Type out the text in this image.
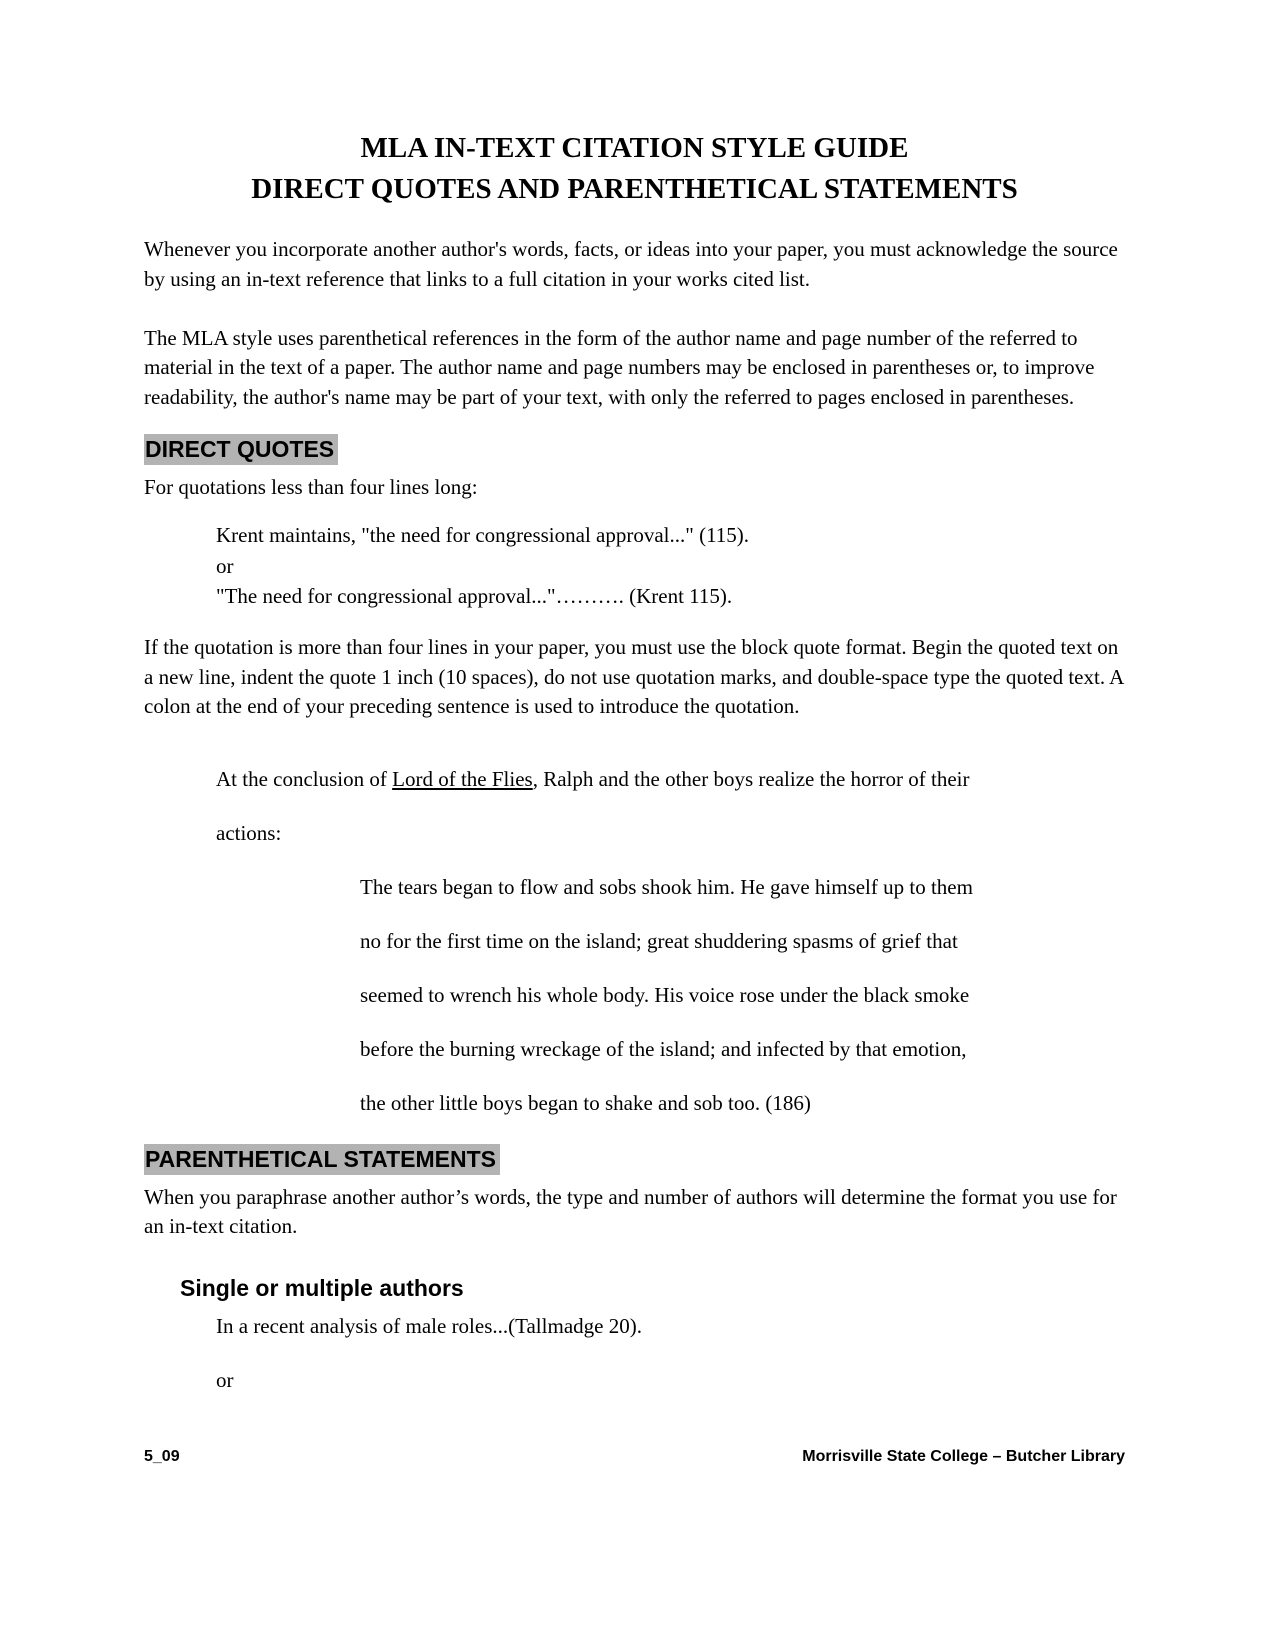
MLA IN-TEXT CITATION STYLE GUIDE
DIRECT QUOTES AND PARENTHETICAL STATEMENTS

Whenever you incorporate another author's words, facts, or ideas into your paper, you must acknowledge the source by using an in-text reference that links to a full citation in your works cited list.

The MLA style uses parenthetical references in the form of the author name and page number of the referred to material in the text of a paper. The author name and page numbers may be enclosed in parentheses or, to improve readability, the author's name may be part of your text, with only the referred to pages enclosed in parentheses.

DIRECT QUOTES
For quotations less than four lines long:
Krent maintains, "the need for congressional approval..." (115).
or
"The need for congressional approval..."………. (Krent 115).

If the quotation is more than four lines in your paper, you must use the block quote format. Begin the quoted text on a new line, indent the quote 1 inch (10 spaces), do not use quotation marks, and double-space type the quoted text. A colon at the end of your preceding sentence is used to introduce the quotation.

At the conclusion of Lord of the Flies, Ralph and the other boys realize the horror of their
actions:
The tears began to flow and sobs shook him. He gave himself up to them
no for the first time on the island; great shuddering spasms of grief that
seemed to wrench his whole body. His voice rose under the black smoke
before the burning wreckage of the island; and infected by that emotion,
the other little boys began to shake and sob too. (186)
PARENTHETICAL STATEMENTS

When you paraphrase another author’s words, the type and number of authors will determine the format you use for an in-text citation.

Single or multiple authors
In a recent analysis of male roles...(Tallmadge 20).
or
5_09	Morrisville State College – Butcher Library
